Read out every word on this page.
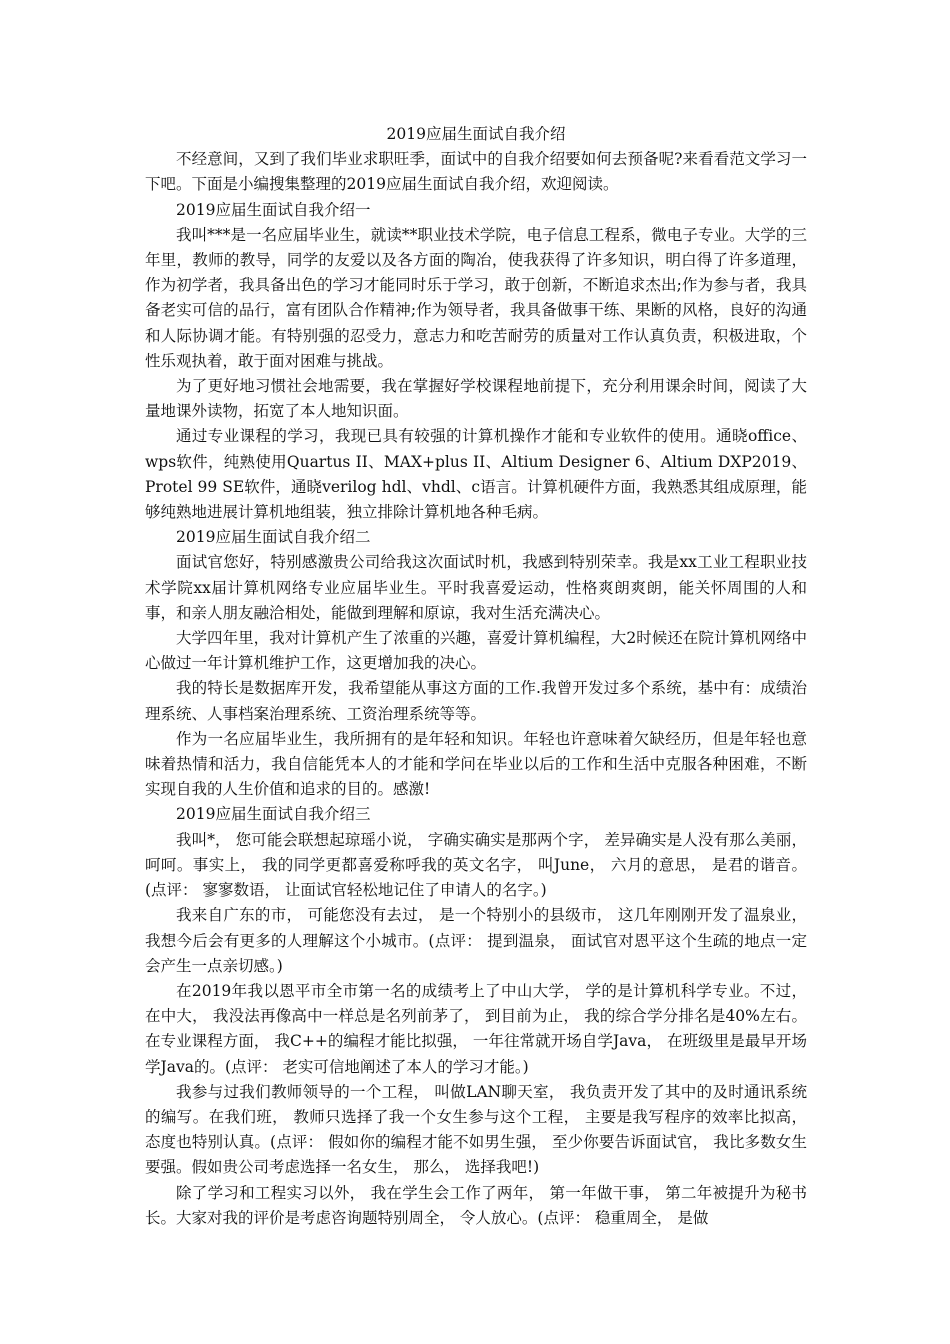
2019应届生面试自我介绍

不经意间，又到了我们毕业求职旺季，面试中的自我介绍要如何去预备呢?来看看范文学习一下吧。下面是小编搜集整理的2019应届生面试自我介绍，欢迎阅读。

2019应届生面试自我介绍一

我叫***是一名应届毕业生，就读**职业技术学院，电子信息工程系，微电子专业。大学的三年里，教师的教导，同学的友爱以及各方面的陶冶，使我获得了许多知识，明白得了许多道理，作为初学者，我具备出色的学习才能同时乐于学习，敢于创新，不断追求杰出;作为参与者，我具备老实可信的品行，富有团队合作精神;作为领导者，我具备做事干练、果断的风格，良好的沟通和人际协调才能。有特别强的忍受力，意志力和吃苦耐劳的质量对工作认真负责，积极进取，个性乐观执着，敢于面对困难与挑战。

为了更好地习惯社会地需要，我在掌握好学校课程地前提下，充分利用课余时间，阅读了大量地课外读物，拓宽了本人地知识面。

通过专业课程的学习，我现已具有较强的计算机操作才能和专业软件的使用。通晓office、wps软件，纯熟使用Quartus II、MAX+plus II、Altium Designer 6、Altium DXP2019、Protel 99 SE软件，通晓verilog hdl、vhdl、c语言。计算机硬件方面，我熟悉其组成原理，能够纯熟地进展计算机地组装，独立排除计算机地各种毛病。

2019应届生面试自我介绍二

面试官您好，特别感激贵公司给我这次面试时机，我感到特别荣幸。我是xx工业工程职业技术学院xx届计算机网络专业应届毕业生。平时我喜爱运动，性格爽朗爽朗，能关怀周围的人和事，和亲人朋友融洽相处，能做到理解和原谅，我对生活充满决心。

大学四年里，我对计算机产生了浓重的兴趣，喜爱计算机编程，大2时候还在院计算机网络中心做过一年计算机维护工作，这更增加我的决心。

我的特长是数据库开发，我希望能从事这方面的工作.我曾开发过多个系统，基中有：成绩治理系统、人事档案治理系统、工资治理系统等等。

作为一名应届毕业生，我所拥有的是年轻和知识。年轻也许意味着欠缺经历，但是年轻也意味着热情和活力，我自信能凭本人的才能和学问在毕业以后的工作和生活中克服各种困难，不断实现自我的人生价值和追求的目的。感激!

2019应届生面试自我介绍三

我叫*， 您可能会联想起琼瑶小说， 字确实确实是那两个字， 差异确实是人没有那么美丽， 呵呵。事实上， 我的同学更都喜爱称呼我的英文名字， 叫June， 六月的意思， 是君的谐音。(点评： 寥寥数语， 让面试官轻松地记住了申请人的名字。)

我来自广东的市， 可能您没有去过， 是一个特别小的县级市， 这几年刚刚开发了温泉业， 我想今后会有更多的人理解这个小城市。(点评： 提到温泉， 面试官对恩平这个生疏的地点一定会产生一点亲切感。)

在2019年我以恩平市全市第一名的成绩考上了中山大学， 学的是计算机科学专业。不过， 在中大， 我没法再像高中一样总是名列前茅了， 到目前为止， 我的综合学分排名是40%左右。在专业课程方面， 我C++的编程才能比拟强， 一年往常就开场自学Java， 在班级里是最早开场学Java的。(点评： 老实可信地阐述了本人的学习才能。)

我参与过我们教师领导的一个工程， 叫做LAN聊天室， 我负责开发了其中的及时通讯系统的编写。在我们班， 教师只选择了我一个女生参与这个工程， 主要是我写程序的效率比拟高， 态度也特别认真。(点评： 假如你的编程才能不如男生强， 至少你要告诉面试官， 我比多数女生要强。假如贵公司考虑选择一名女生， 那么， 选择我吧!)

除了学习和工程实习以外， 我在学生会工作了两年， 第一年做干事， 第二年被提升为秘书长。大家对我的评价是考虑咨询题特别周全， 令人放心。(点评： 稳重周全， 是做
